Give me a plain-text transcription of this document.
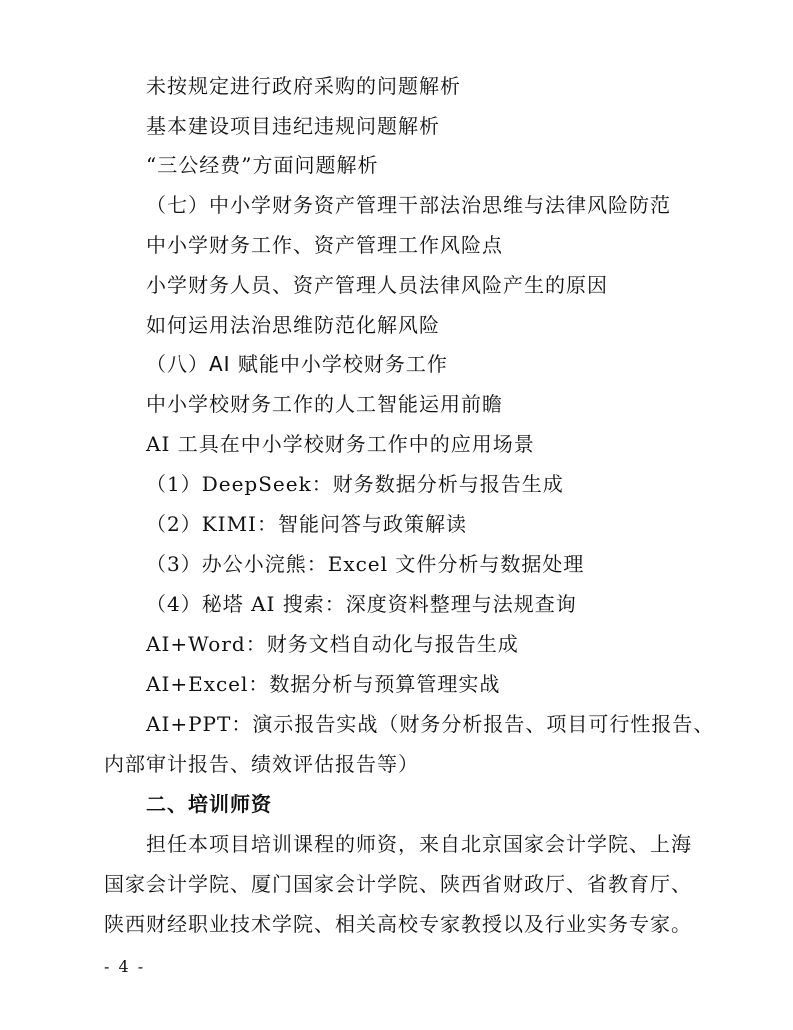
未按规定进行政府采购的问题解析
基本建设项目违纪违规问题解析
“三公经费”方面问题解析
（七）中小学财务资产管理干部法治思维与法律风险防范
中小学财务工作、资产管理工作风险点
小学财务人员、资产管理人员法律风险产生的原因
如何运用法治思维防范化解风险
（八）AI 赋能中小学校财务工作
中小学校财务工作的人工智能运用前瞻
AI 工具在中小学校财务工作中的应用场景
（1）DeepSeek：财务数据分析与报告生成
（2）KIMI：智能问答与政策解读
（3）办公小浣熊：Excel 文件分析与数据处理
（4）秘塔 AI 搜索：深度资料整理与法规查询
AI+Word：财务文档自动化与报告生成
AI+Excel：数据分析与预算管理实战
AI+PPT：演示报告实战（财务分析报告、项目可行性报告、
内部审计报告、绩效评估报告等）
二、培训师资
担任本项目培训课程的师资，来自北京国家会计学院、上海
国家会计学院、厦门国家会计学院、陕西省财政厅、省教育厅、
陕西财经职业技术学院、相关高校专家教授以及行业实务专家。
- 4 -
